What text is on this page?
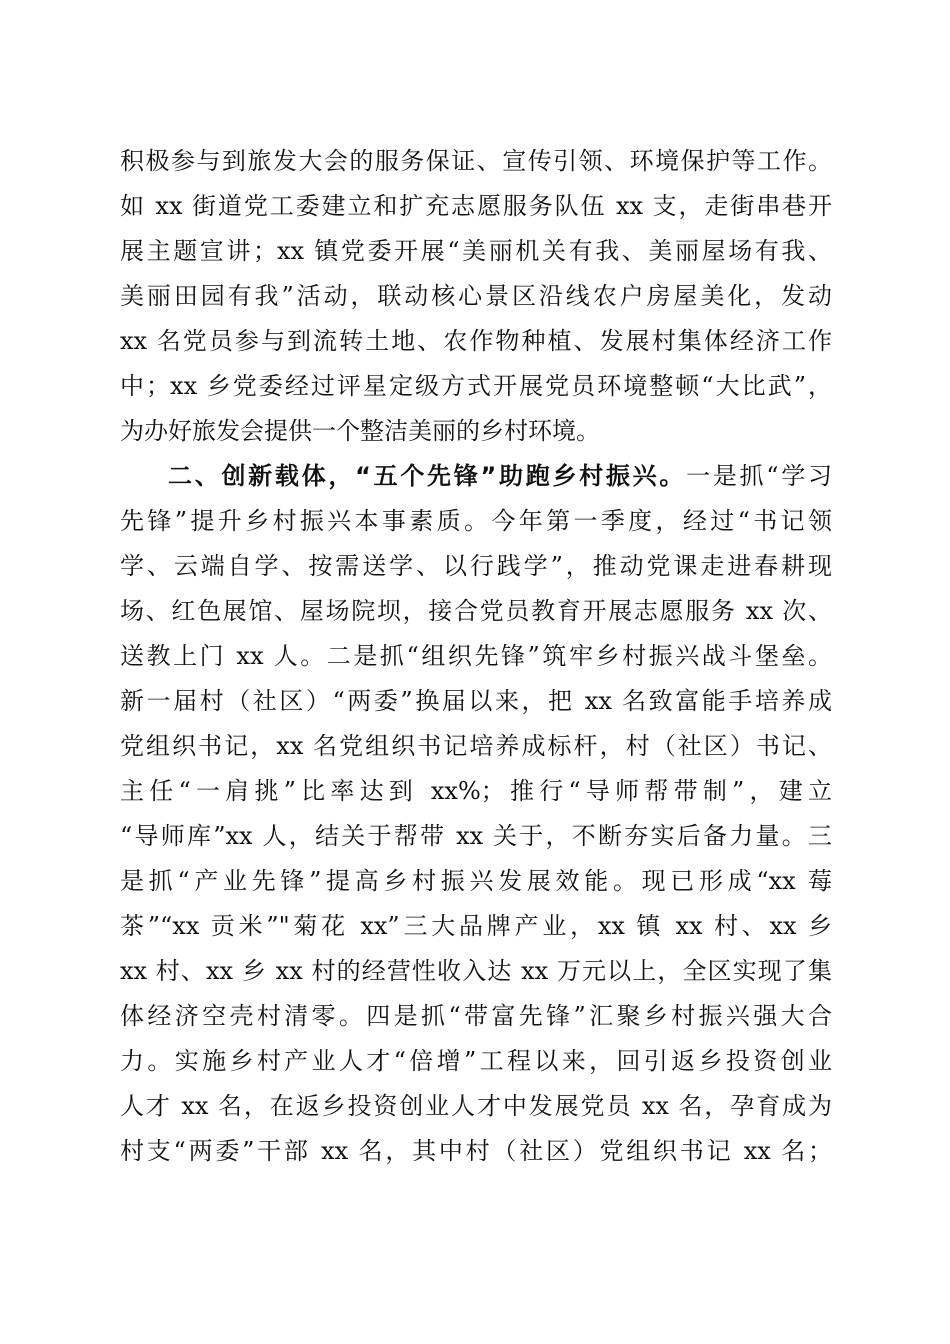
积极参与到旅发大会的服务保证、宣传引领、环境保护等工作。
如 xx 街道党工委建立和扩充志愿服务队伍 xx 支，走街串巷开
展主题宣讲；xx 镇党委开展“美丽机关有我、美丽屋场有我、
美丽田园有我”活动，联动核心景区沿线农户房屋美化，发动
xx 名党员参与到流转土地、农作物种植、发展村集体经济工作
中；xx 乡党委经过评星定级方式开展党员环境整顿“大比武”，
为办好旅发会提供一个整洁美丽的乡村环境。
二、创新载体，“五个先锋”助跑乡村振兴。一是抓“学习
先锋”提升乡村振兴本事素质。今年第一季度，经过“书记领
学、云端自学、按需送学、以行践学”，推动党课走进春耕现
场、红色展馆、屋场院坝，接合党员教育开展志愿服务 xx 次、
送教上门 xx 人。二是抓“组织先锋”筑牢乡村振兴战斗堡垒。
新一届村（社区）“两委”换届以来，把 xx 名致富能手培养成
党组织书记，xx 名党组织书记培养成标杆，村（社区）书记、
主任“一肩挑”比率达到 xx%；推行“导师帮带制”，建立
“导师库”xx 人，结关于帮带 xx 关于，不断夯实后备力量。三
是抓“产业先锋”提高乡村振兴发展效能。现已形成“xx 莓
茶”“xx 贡米”"菊花 xx”三大品牌产业，xx 镇 xx 村、xx 乡
xx 村、xx 乡 xx 村的经营性收入达 xx 万元以上，全区实现了集
体经济空壳村清零。四是抓“带富先锋”汇聚乡村振兴强大合
力。实施乡村产业人才“倍增”工程以来，回引返乡投资创业
人才 xx 名，在返乡投资创业人才中发展党员 xx 名，孕育成为
村支“两委”干部 xx 名，其中村（社区）党组织书记 xx 名；
